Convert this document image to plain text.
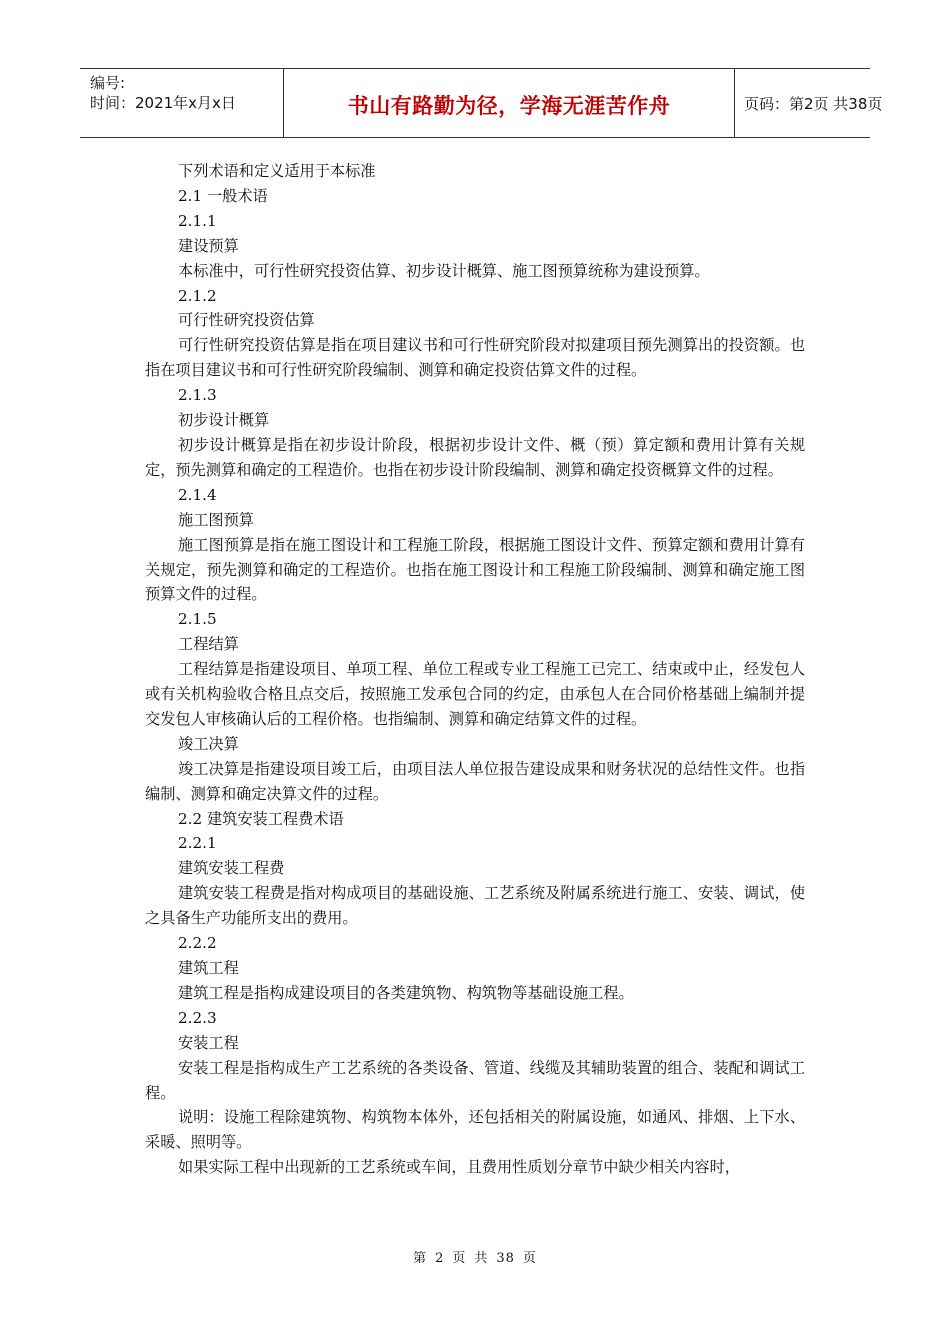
编号:
时间：2021年x月x日	书山有路勤为径，学海无涯苦作舟	页码：第2页 共38页

下列术语和定义适用于本标准

2.1 一般术语

2.1.1

建设预算

本标准中，可行性研究投资估算、初步设计概算、施工图预算统称为建设预算。

2.1.2

可行性研究投资估算

可行性研究投资估算是指在项目建议书和可行性研究阶段对拟建项目预先测算出的投资额。也指在项目建议书和可行性研究阶段编制、测算和确定投资估算文件的过程。

2.1.3

初步设计概算

初步设计概算是指在初步设计阶段，根据初步设计文件、概（预）算定额和费用计算有关规定，预先测算和确定的工程造价。也指在初步设计阶段编制、测算和确定投资概算文件的过程。

2.1.4

施工图预算

施工图预算是指在施工图设计和工程施工阶段，根据施工图设计文件、预算定额和费用计算有关规定，预先测算和确定的工程造价。也指在施工图设计和工程施工阶段编制、测算和确定施工图预算文件的过程。

2.1.5

工程结算

工程结算是指建设项目、单项工程、单位工程或专业工程施工已完工、结束或中止，经发包人或有关机构验收合格且点交后，按照施工发承包合同的约定，由承包人在合同价格基础上编制并提交发包人审核确认后的工程价格。也指编制、测算和确定结算文件的过程。

竣工决算

竣工决算是指建设项目竣工后，由项目法人单位报告建设成果和财务状况的总结性文件。也指编制、测算和确定决算文件的过程。

2.2 建筑安装工程费术语

2.2.1

建筑安装工程费

建筑安装工程费是指对构成项目的基础设施、工艺系统及附属系统进行施工、安装、调试，使之具备生产功能所支出的费用。

2.2.2

建筑工程

建筑工程是指构成建设项目的各类建筑物、构筑物等基础设施工程。

2.2.3

安装工程

安装工程是指构成生产工艺系统的各类设备、管道、线缆及其辅助装置的组合、装配和调试工程。

说明：设施工程除建筑物、构筑物本体外，还包括相关的附属设施，如通风、排烟、上下水、采暖、照明等。

如果实际工程中出现新的工艺系统或车间，且费用性质划分章节中缺少相关内容时，

第 2 页 共 38 页
